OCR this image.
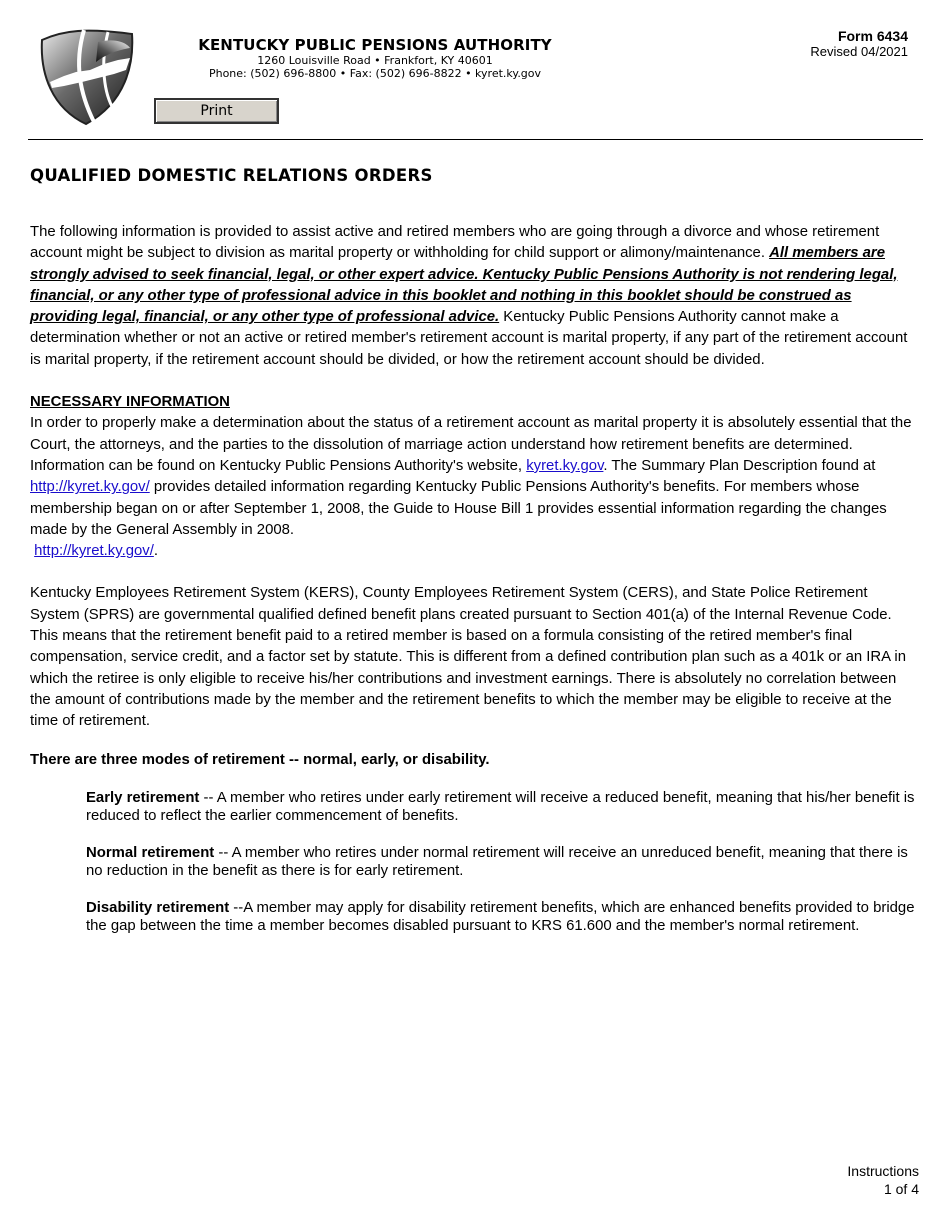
KENTUCKY PUBLIC PENSIONS AUTHORITY
1260 Louisville Road • Frankfort, KY 40601
Phone: (502) 696-8800 • Fax: (502) 696-8822 • kyret.ky.gov
Print
Form 6434
Revised 04/2021
QUALIFIED DOMESTIC RELATIONS ORDERS

The following information is provided to assist active and retired members who are going through a divorce and whose retirement account might be subject to division as marital property or withholding for child support or alimony/maintenance. All members are strongly advised to seek financial, legal, or other expert advice. Kentucky Public Pensions Authority is not rendering legal, financial, or any other type of professional advice in this booklet and nothing in this booklet should be construed as providing legal, financial, or any other type of professional advice. Kentucky Public Pensions Authority cannot make a determination whether or not an active or retired member's retirement account is marital property, if any part of the retirement account is marital property, if the retirement account should be divided, or how the retirement account should be divided.

NECESSARY INFORMATION

In order to properly make a determination about the status of a retirement account as marital property it is absolutely essential that the Court, the attorneys, and the parties to the dissolution of marriage action understand how retirement benefits are determined. Information can be found on Kentucky Public Pensions Authority's website, kyret.ky.gov. The Summary Plan Description found at http://kyret.ky.gov/ provides detailed information regarding Kentucky Public Pensions Authority's benefits. For members whose membership began on or after September 1, 2008, the Guide to House Bill 1 provides essential information regarding the changes made by the General Assembly in 2008.
http://kyret.ky.gov/.

Kentucky Employees Retirement System (KERS), County Employees Retirement System (CERS), and State Police Retirement System (SPRS) are governmental qualified defined benefit plans created pursuant to Section 401(a) of the Internal Revenue Code. This means that the retirement benefit paid to a retired member is based on a formula consisting of the retired member's final compensation, service credit, and a factor set by statute. This is different from a defined contribution plan such as a 401k or an IRA in which the retiree is only eligible to receive his/her contributions and investment earnings. There is absolutely no correlation between the amount of contributions made by the member and the retirement benefits to which the member may be eligible to receive at the time of retirement.

There are three modes of retirement -- normal, early, or disability.

Early retirement -- A member who retires under early retirement will receive a reduced benefit, meaning that his/her benefit is reduced to reflect the earlier commencement of benefits.

Normal retirement -- A member who retires under normal retirement will receive an unreduced benefit, meaning that there is no reduction in the benefit as there is for early retirement.

Disability retirement --A member may apply for disability retirement benefits, which are enhanced benefits provided to bridge the gap between the time a member becomes disabled pursuant to KRS 61.600 and the member's normal retirement.

Instructions
1 of 4
